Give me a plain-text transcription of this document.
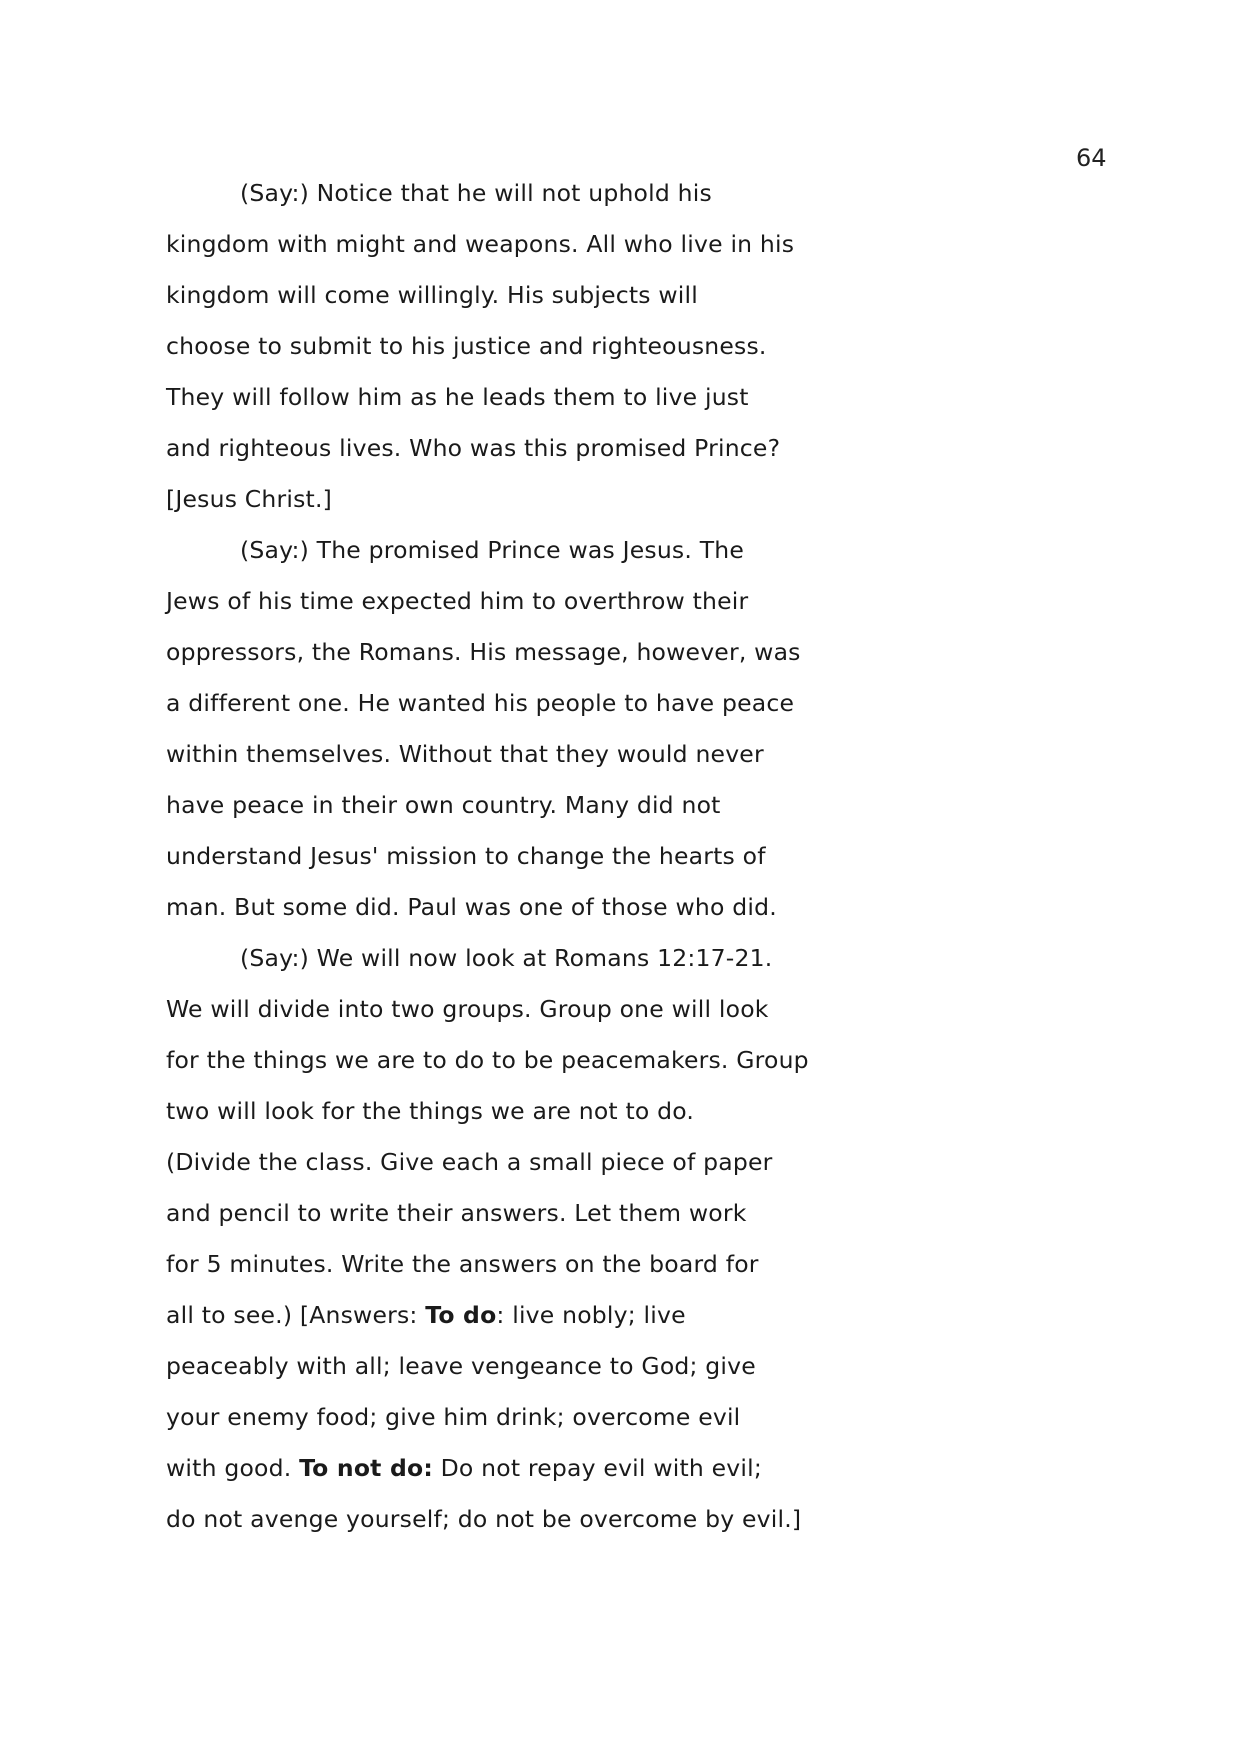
64
(Say:) Notice that he will not uphold his
kingdom with might and weapons. All who live in his
kingdom will come willingly. His subjects will
choose to submit to his justice and righteousness.
They will follow him as he leads them to live just
and righteous lives. Who was this promised Prince?
[Jesus Christ.]
(Say:) The promised Prince was Jesus. The
Jews of his time expected him to overthrow their
oppressors, the Romans. His message, however, was
a different one. He wanted his people to have peace
within themselves. Without that they would never
have peace in their own country. Many did not
understand Jesus' mission to change the hearts of
man. But some did. Paul was one of those who did.
(Say:) We will now look at Romans 12:17-21.
We will divide into two groups. Group one will look
for the things we are to do to be peacemakers. Group
two will look for the things we are not to do.
(Divide the class. Give each a small piece of paper
and pencil to write their answers. Let them work
for 5 minutes. Write the answers on the board for
all to see.) [Answers: To do: live nobly; live
peaceably with all; leave vengeance to God; give
your enemy food; give him drink; overcome evil
with good. To not do: Do not repay evil with evil;
do not avenge yourself; do not be overcome by evil.]
